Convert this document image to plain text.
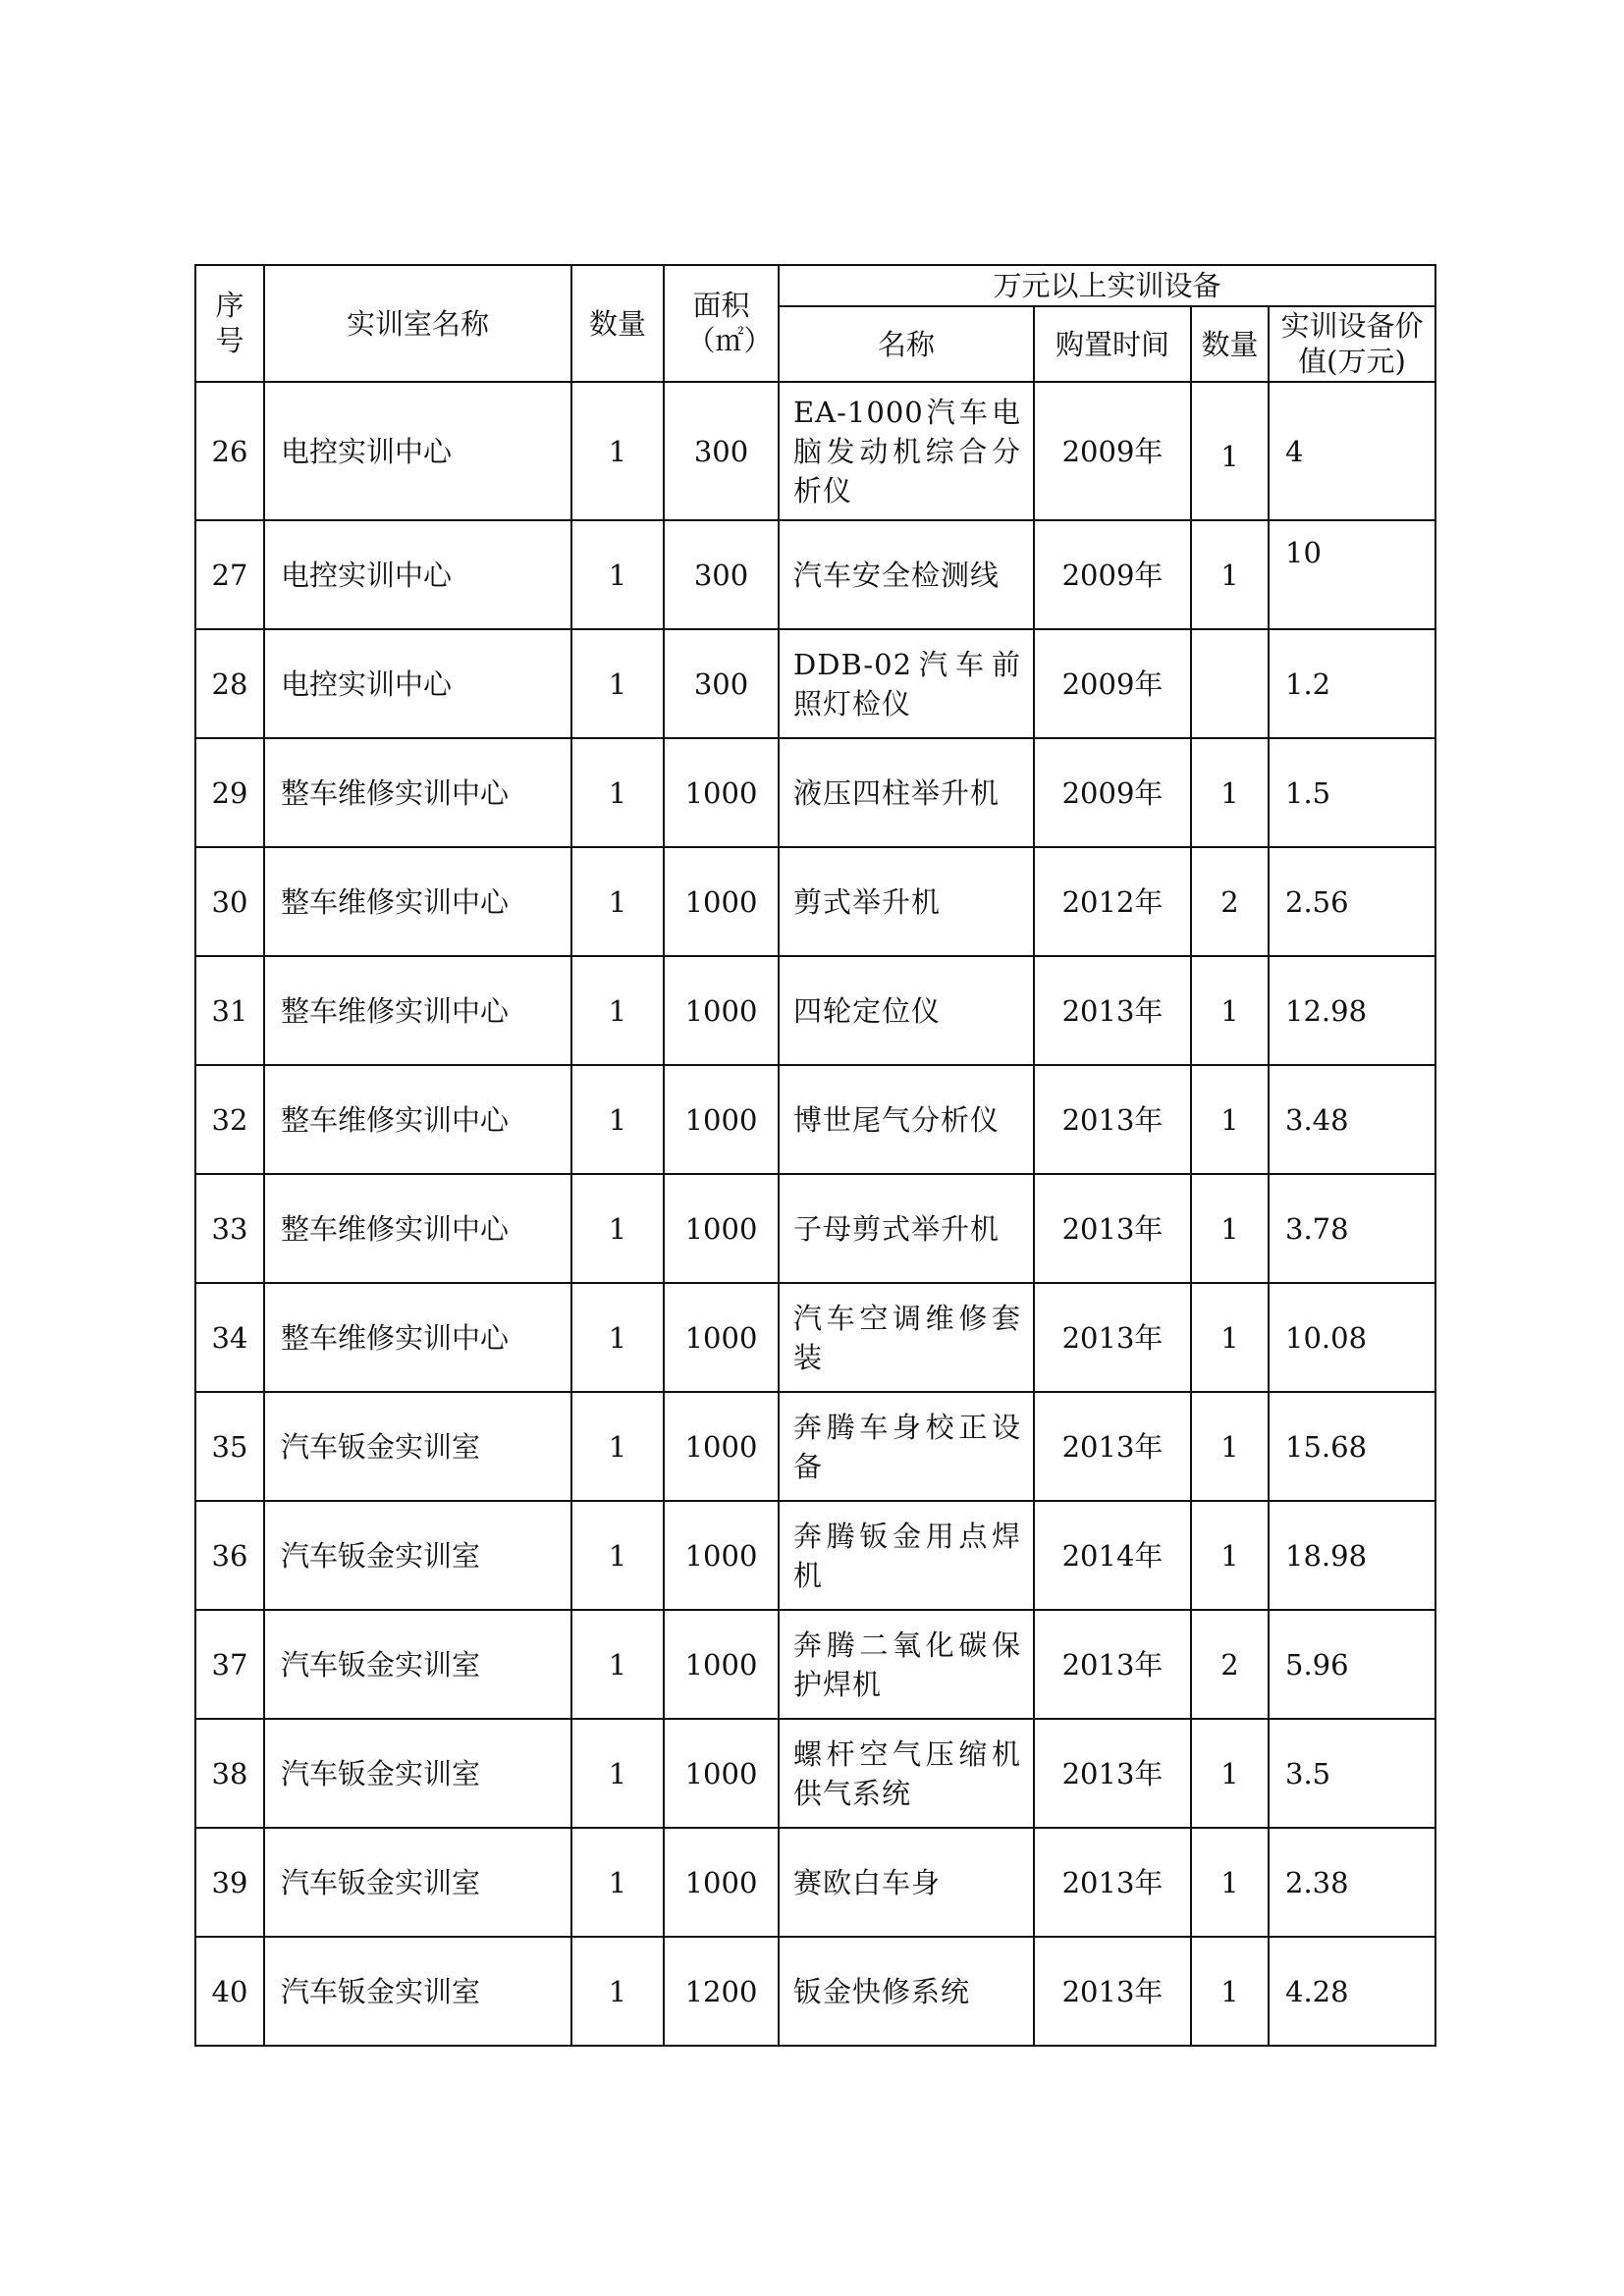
序号	实训室名称	数量	面积（㎡）	万元以上实训设备			
				名称	购置时间	数量	实训设备价值(万元)
26	电控实训中心	1	300	EA-1000汽车电脑发动机综合分析仪	2009年	1	4
27	电控实训中心	1	300	汽车安全检测线	2009年	1	10
28	电控实训中心	1	300	DDB-02汽车前照灯检仪	2009年		1.2
29	整车维修实训中心	1	1000	液压四柱举升机	2009年	1	1.5
30	整车维修实训中心	1	1000	剪式举升机	2012年	2	2.56
31	整车维修实训中心	1	1000	四轮定位仪	2013年	1	12.98
32	整车维修实训中心	1	1000	博世尾气分析仪	2013年	1	3.48
33	整车维修实训中心	1	1000	子母剪式举升机	2013年	1	3.78
34	整车维修实训中心	1	1000	汽车空调维修套装	2013年	1	10.08
35	汽车钣金实训室	1	1000	奔腾车身校正设备	2013年	1	15.68
36	汽车钣金实训室	1	1000	奔腾钣金用点焊机	2014年	1	18.98
37	汽车钣金实训室	1	1000	奔腾二氧化碳保护焊机	2013年	2	5.96
38	汽车钣金实训室	1	1000	螺杆空气压缩机供气系统	2013年	1	3.5
39	汽车钣金实训室	1	1000	赛欧白车身	2013年	1	2.38
40	汽车钣金实训室	1	1200	钣金快修系统	2013年	1	4.28
